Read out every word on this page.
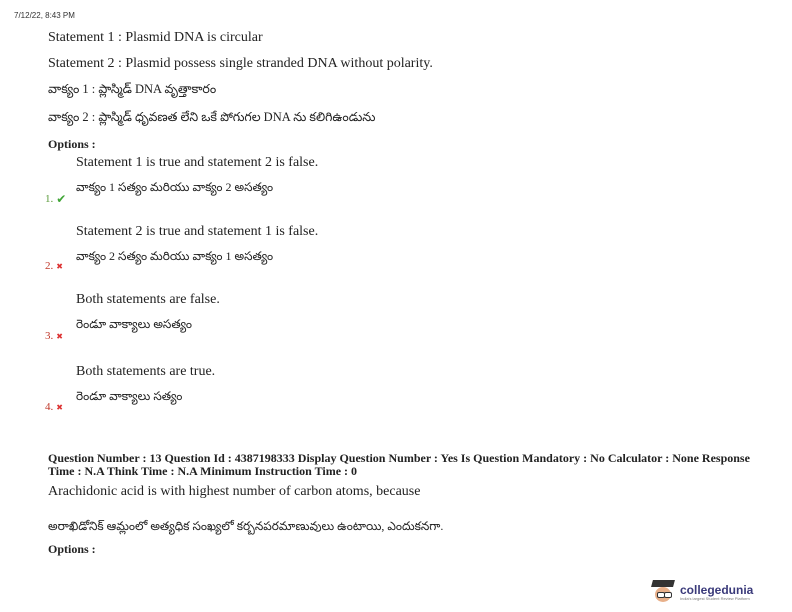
7/12/22, 8:43 PM
Statement 1 : Plasmid DNA is circular
Statement 2 : Plasmid possess single stranded DNA without polarity.
వాక్యం 1 : ప్లాస్మిడ్ DNA వృత్తాకారం
వాక్యం 2 : ప్లాస్మిడ్ ధృవణత లేని ఒకే పోగుగల DNA ను కలిగిఉండును
Options :
Statement 1 is true and statement 2 is false.
వాక్యం 1 సత్యం మరియు వాక్యం 2 అసత్యం
1. ✔
Statement 2 is true and statement 1 is false.
వాక్యం 2 సత్యం మరియు వాక్యం 1 అసత్యం
2. ✖
Both statements are false.
రెండూ వాక్యాలు అసత్యం
3. ✖
Both statements are true.
రెండూ వాక్యాలు సత్యం
4. ✖
Question Number : 13 Question Id : 4387198333 Display Question Number : Yes Is Question Mandatory : No Calculator : None Response Time : N.A Think Time : N.A Minimum Instruction Time : 0
Arachidonic acid is with highest number of carbon atoms, because
అరాఖిడోనిక్ ఆమ్లంలో అత్యధిక సంఖ్యలో కర్బనపరమాణువులు ఉంటాయి, ఎందుకనగా.
Options :
collegedunia
India's largest Student Review Platform
